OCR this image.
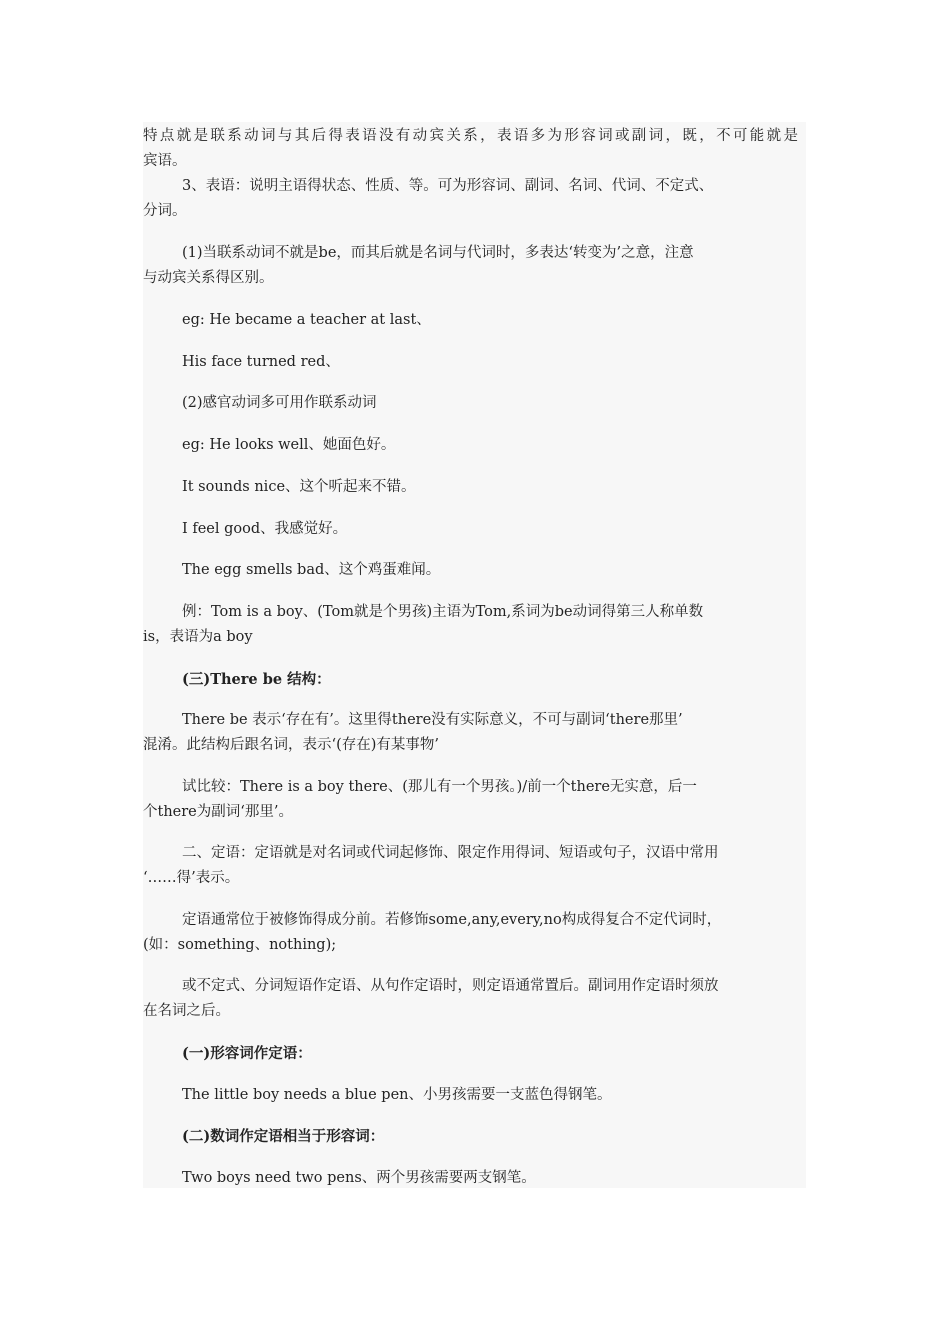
特点就是联系动词与其后得表语没有动宾关系，表语多为形容词或副词，既，不可能就是
宾语。
3、表语：说明主语得状态、性质、等。可为形容词、副词、名词、代词、不定式、
分词。
(1)当联系动词不就是be，而其后就是名词与代词时，多表达‘转变为’之意，注意
与动宾关系得区别。
eg: He became a teacher at last、
His face turned red、
(2)感官动词多可用作联系动词
eg: He looks well、她面色好。
It sounds nice、这个听起来不错。
I feel good、我感觉好。
The egg smells bad、这个鸡蛋难闻。
例：Tom is a boy、(Tom就是个男孩)主语为Tom,系词为be动词得第三人称单数
is，表语为a boy
(三)There be 结构：
There be 表示‘存在有’。这里得there没有实际意义，不可与副词‘there那里’
混淆。此结构后跟名词，表示‘(存在)有某事物’
试比较：There is a boy there、(那儿有一个男孩。)/前一个there无实意，后一
个there为副词‘那里’。
二、定语：定语就是对名词或代词起修饰、限定作用得词、短语或句子，汉语中常用
‘……得’表示。
定语通常位于被修饰得成分前。若修饰some,any,every,no构成得复合不定代词时，
(如：something、nothing);
或不定式、分词短语作定语、从句作定语时，则定语通常置后。副词用作定语时须放
在名词之后。
(一)形容词作定语：
The little boy needs a blue pen、小男孩需要一支蓝色得钢笔。
(二)数词作定语相当于形容词：
Two boys need two pens、两个男孩需要两支钢笔。
